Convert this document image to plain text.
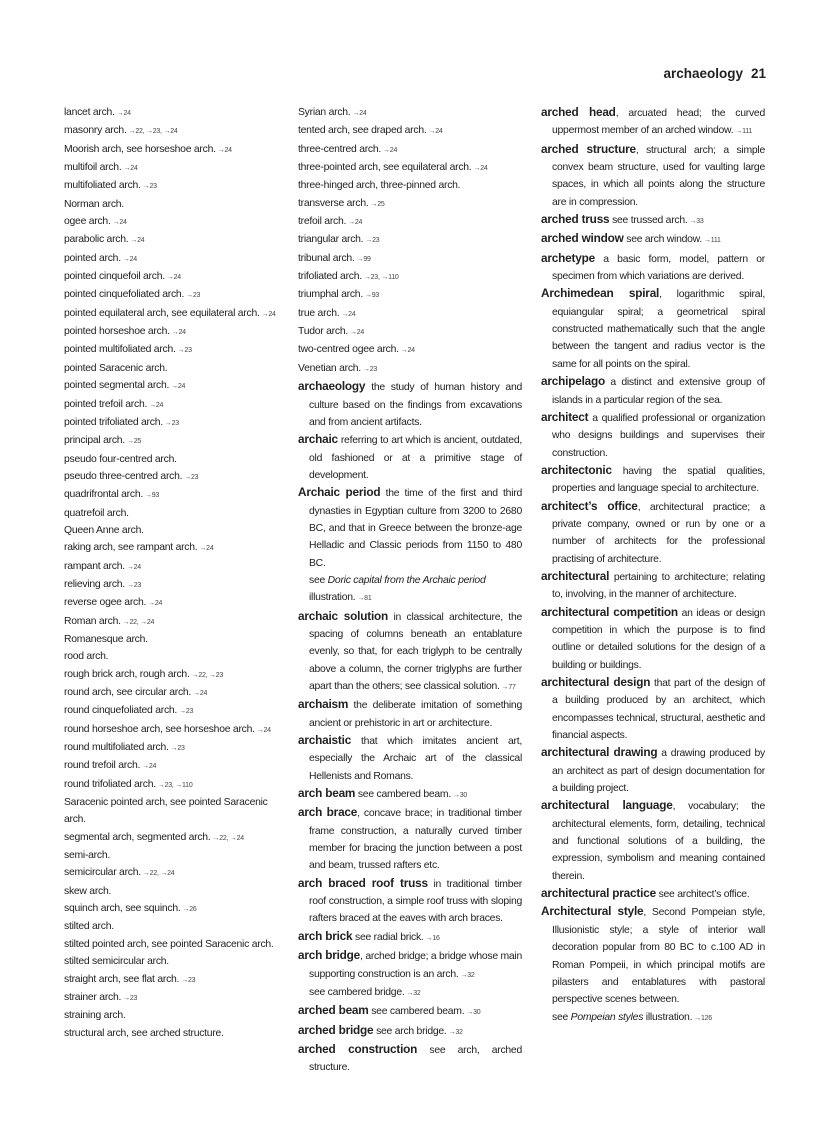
archaeology 21
lancet arch. →24
masonry arch. →22, →23, →24
Moorish arch, see horseshoe arch. →24
multifoil arch. →24
multifoliated arch. →23
Norman arch.
ogee arch. →24
parabolic arch. →24
pointed arch. →24
pointed cinquefoil arch. →24
pointed cinquefoliated arch. →23
pointed equilateral arch, see equilateral arch. →24
pointed horseshoe arch. →24
pointed multifoliated arch. →23
pointed Saracenic arch.
pointed segmental arch. →24
pointed trefoil arch. →24
pointed trifoliated arch. →23
principal arch. →25
pseudo four-centred arch.
pseudo three-centred arch. →23
quadrifrontal arch. →93
quatrefoil arch.
Queen Anne arch.
raking arch, see rampant arch. →24
rampant arch. →24
relieving arch. →23
reverse ogee arch. →24
Roman arch. →22, →24
Romanesque arch.
rood arch.
rough brick arch, rough arch. →22, →23
round arch, see circular arch. →24
round cinquefoliated arch. →23
round horseshoe arch, see horseshoe arch. →24
round multifoliated arch. →23
round trefoil arch. →24
round trifoliated arch. →23, →110
Saracenic pointed arch, see pointed Saracenic
arch.
segmental arch, segmented arch. →22, →24
semi-arch.
semicircular arch. →22, →24
skew arch.
squinch arch, see squinch. →26
stilted arch.
stilted pointed arch, see pointed Saracenic arch.
stilted semicircular arch.
straight arch, see flat arch. →23
strainer arch. →23
straining arch.
structural arch, see arched structure.
Syrian arch. →24
tented arch, see draped arch. →24
three-centred arch. →24
three-pointed arch, see equilateral arch. →24
three-hinged arch, three-pinned arch.
transverse arch. →25
trefoil arch. →24
triangular arch. →23
tribunal arch. →99
trifoliated arch. →23, →110
triumphal arch. →93
true arch. →24
Tudor arch. →24
two-centred ogee arch. →24
Venetian arch. →23
archaeology the study of human history and culture based on the findings from excavations and from ancient artifacts.
archaic referring to art which is ancient, outdated, old fashioned or at a primitive stage of development.
Archaic period the time of the first and third dynasties in Egyptian culture from 3200 to 2680 BC, and that in Greece between the bronze-age Helladic and Classic periods from 1150 to 480 BC.
see Doric capital from the Archaic period illustration. →81
archaic solution in classical architecture, the spacing of columns beneath an entablature evenly, so that, for each triglyph to be centrally above a column, the corner triglyphs are further apart than the others; see classical solution. →77
archaism the deliberate imitation of something ancient or prehistoric in art or architecture.
archaistic that which imitates ancient art, especially the Archaic art of the classical Hellenists and Romans.
arch beam see cambered beam. →30
arch brace, concave brace; in traditional timber frame construction, a naturally curved timber member for bracing the junction between a post and beam, trussed rafters etc.
arch braced roof truss in traditional timber roof construction, a simple roof truss with sloping rafters braced at the eaves with arch braces.
arch brick see radial brick. →16
arch bridge, arched bridge; a bridge whose main supporting construction is an arch. →32
see cambered bridge. →32
arched beam see cambered beam. →30
arched bridge see arch bridge. →32
arched construction see arch, arched structure.
arched head, arcuated head; the curved uppermost member of an arched window. →111
arched structure, structural arch; a simple convex beam structure, used for vaulting large spaces, in which all points along the structure are in compression.
arched truss see trussed arch. →33
arched window see arch window. →111
archetype a basic form, model, pattern or specimen from which variations are derived.
Archimedean spiral, logarithmic spiral, equiangular spiral; a geometrical spiral constructed mathematically such that the angle between the tangent and radius vector is the same for all points on the spiral.
archipelago a distinct and extensive group of islands in a particular region of the sea.
architect a qualified professional or organization who designs buildings and supervises their construction.
architectonic having the spatial qualities, properties and language special to architecture.
architect’s office, architectural practice; a private company, owned or run by one or a number of architects for the professional practising of architecture.
architectural pertaining to architecture; relating to, involving, in the manner of architecture.
architectural competition an ideas or design competition in which the purpose is to find outline or detailed solutions for the design of a building or buildings.
architectural design that part of the design of a building produced by an architect, which encompasses technical, structural, aesthetic and financial aspects.
architectural drawing a drawing produced by an architect as part of design documentation for a building project.
architectural language, vocabulary; the architectural elements, form, detailing, technical and functional solutions of a building, the expression, symbolism and meaning contained therein.
architectural practice see architect’s office.
Architectural style, Second Pompeian style, Illusionistic style; a style of interior wall decoration popular from 80 BC to c.100 AD in Roman Pompeii, in which principal motifs are pilasters and entablatures with pastoral perspective scenes between.
see Pompeian styles illustration. →126
